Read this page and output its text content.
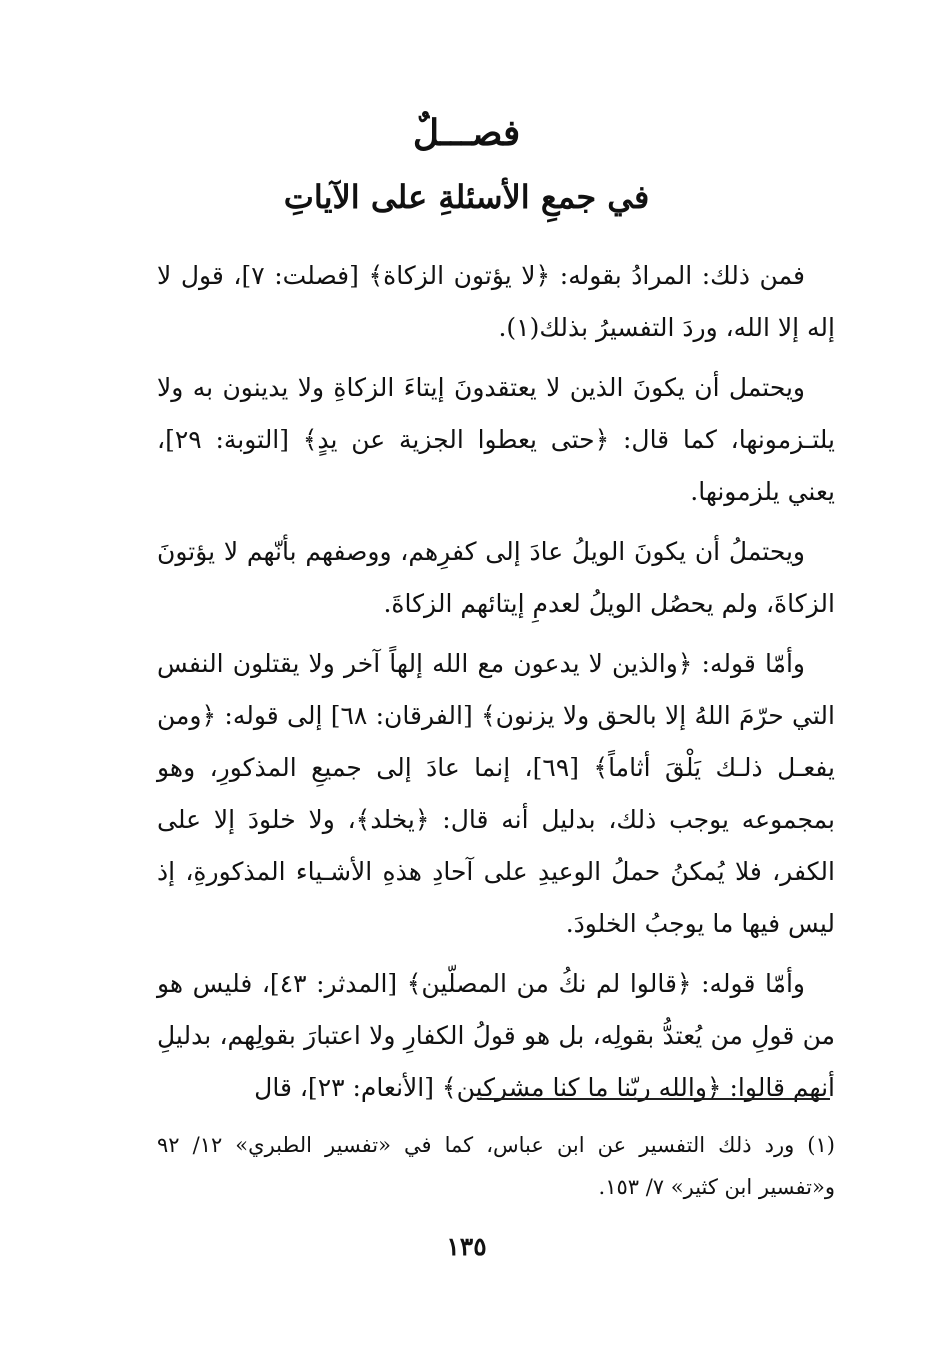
فصـــلٌ
في جمعِ الأسئلةِ على الآياتِ

فمن ذلك: المرادُ بقوله: ﴿لا يؤتون الزكاة﴾ [فصلت: ٧]، قول لا إله إلا الله، وردَ التفسيرُ بذلك(١).

ويحتمل أن يكونَ الذين لا يعتقدونَ إيتاءَ الزكاةِ ولا يدينون به ولا يلتـزمونها، كما قال: ﴿حتى يعطوا الجزية عن يدٍ﴾ [التوبة: ٢٩]، يعني يلزمونها.

ويحتملُ أن يكونَ الويلُ عادَ إلى كفرِهم، ووصفهم بأنّهم لا يؤتونَ الزكاةَ، ولم يحصُل الويلُ لعدمِ إيتائهم الزكاةَ.

وأمّا قوله: ﴿والذين لا يدعون مع الله إلهاً آخر ولا يقتلون النفس التي حرّمَ اللهُ إلا بالحق ولا يزنون﴾ [الفرقان: ٦٨] إلى قوله: ﴿ومن يفعـل ذلـك يَلْقَ أثاماً﴾ [٦٩]، إنما عادَ إلى جميعِ المذكورِ، وهو بمجموعه يوجب ذلك، بدليل أنه قال: ﴿يخلد﴾، ولا خلودَ إلا على الكفر، فلا يُمكنُ حملُ الوعيدِ على آحادِ هذهِ الأشـياء المذكورةِ، إذ ليس فيها ما يوجبُ الخلودَ.

وأمّا قوله: ﴿قالوا لم نكُ من المصلّين﴾ [المدثر: ٤٣]، فليس هو من قولِ من يُعتدُّ بقولِه، بل هو قولُ الكفارِ ولا اعتبارَ بقولِهم، بدليلِ أنهم قالوا: ﴿والله ربّنا ما كنا مشركين﴾ [الأنعام: ٢٣]، قال

(١) ورد ذلك التفسير عن ابن عباس، كما في «تفسير الطبري» ١٢/ ٩٢ و«تفسير ابن كثير» ٧/ ١٥٣.

١٣٥
